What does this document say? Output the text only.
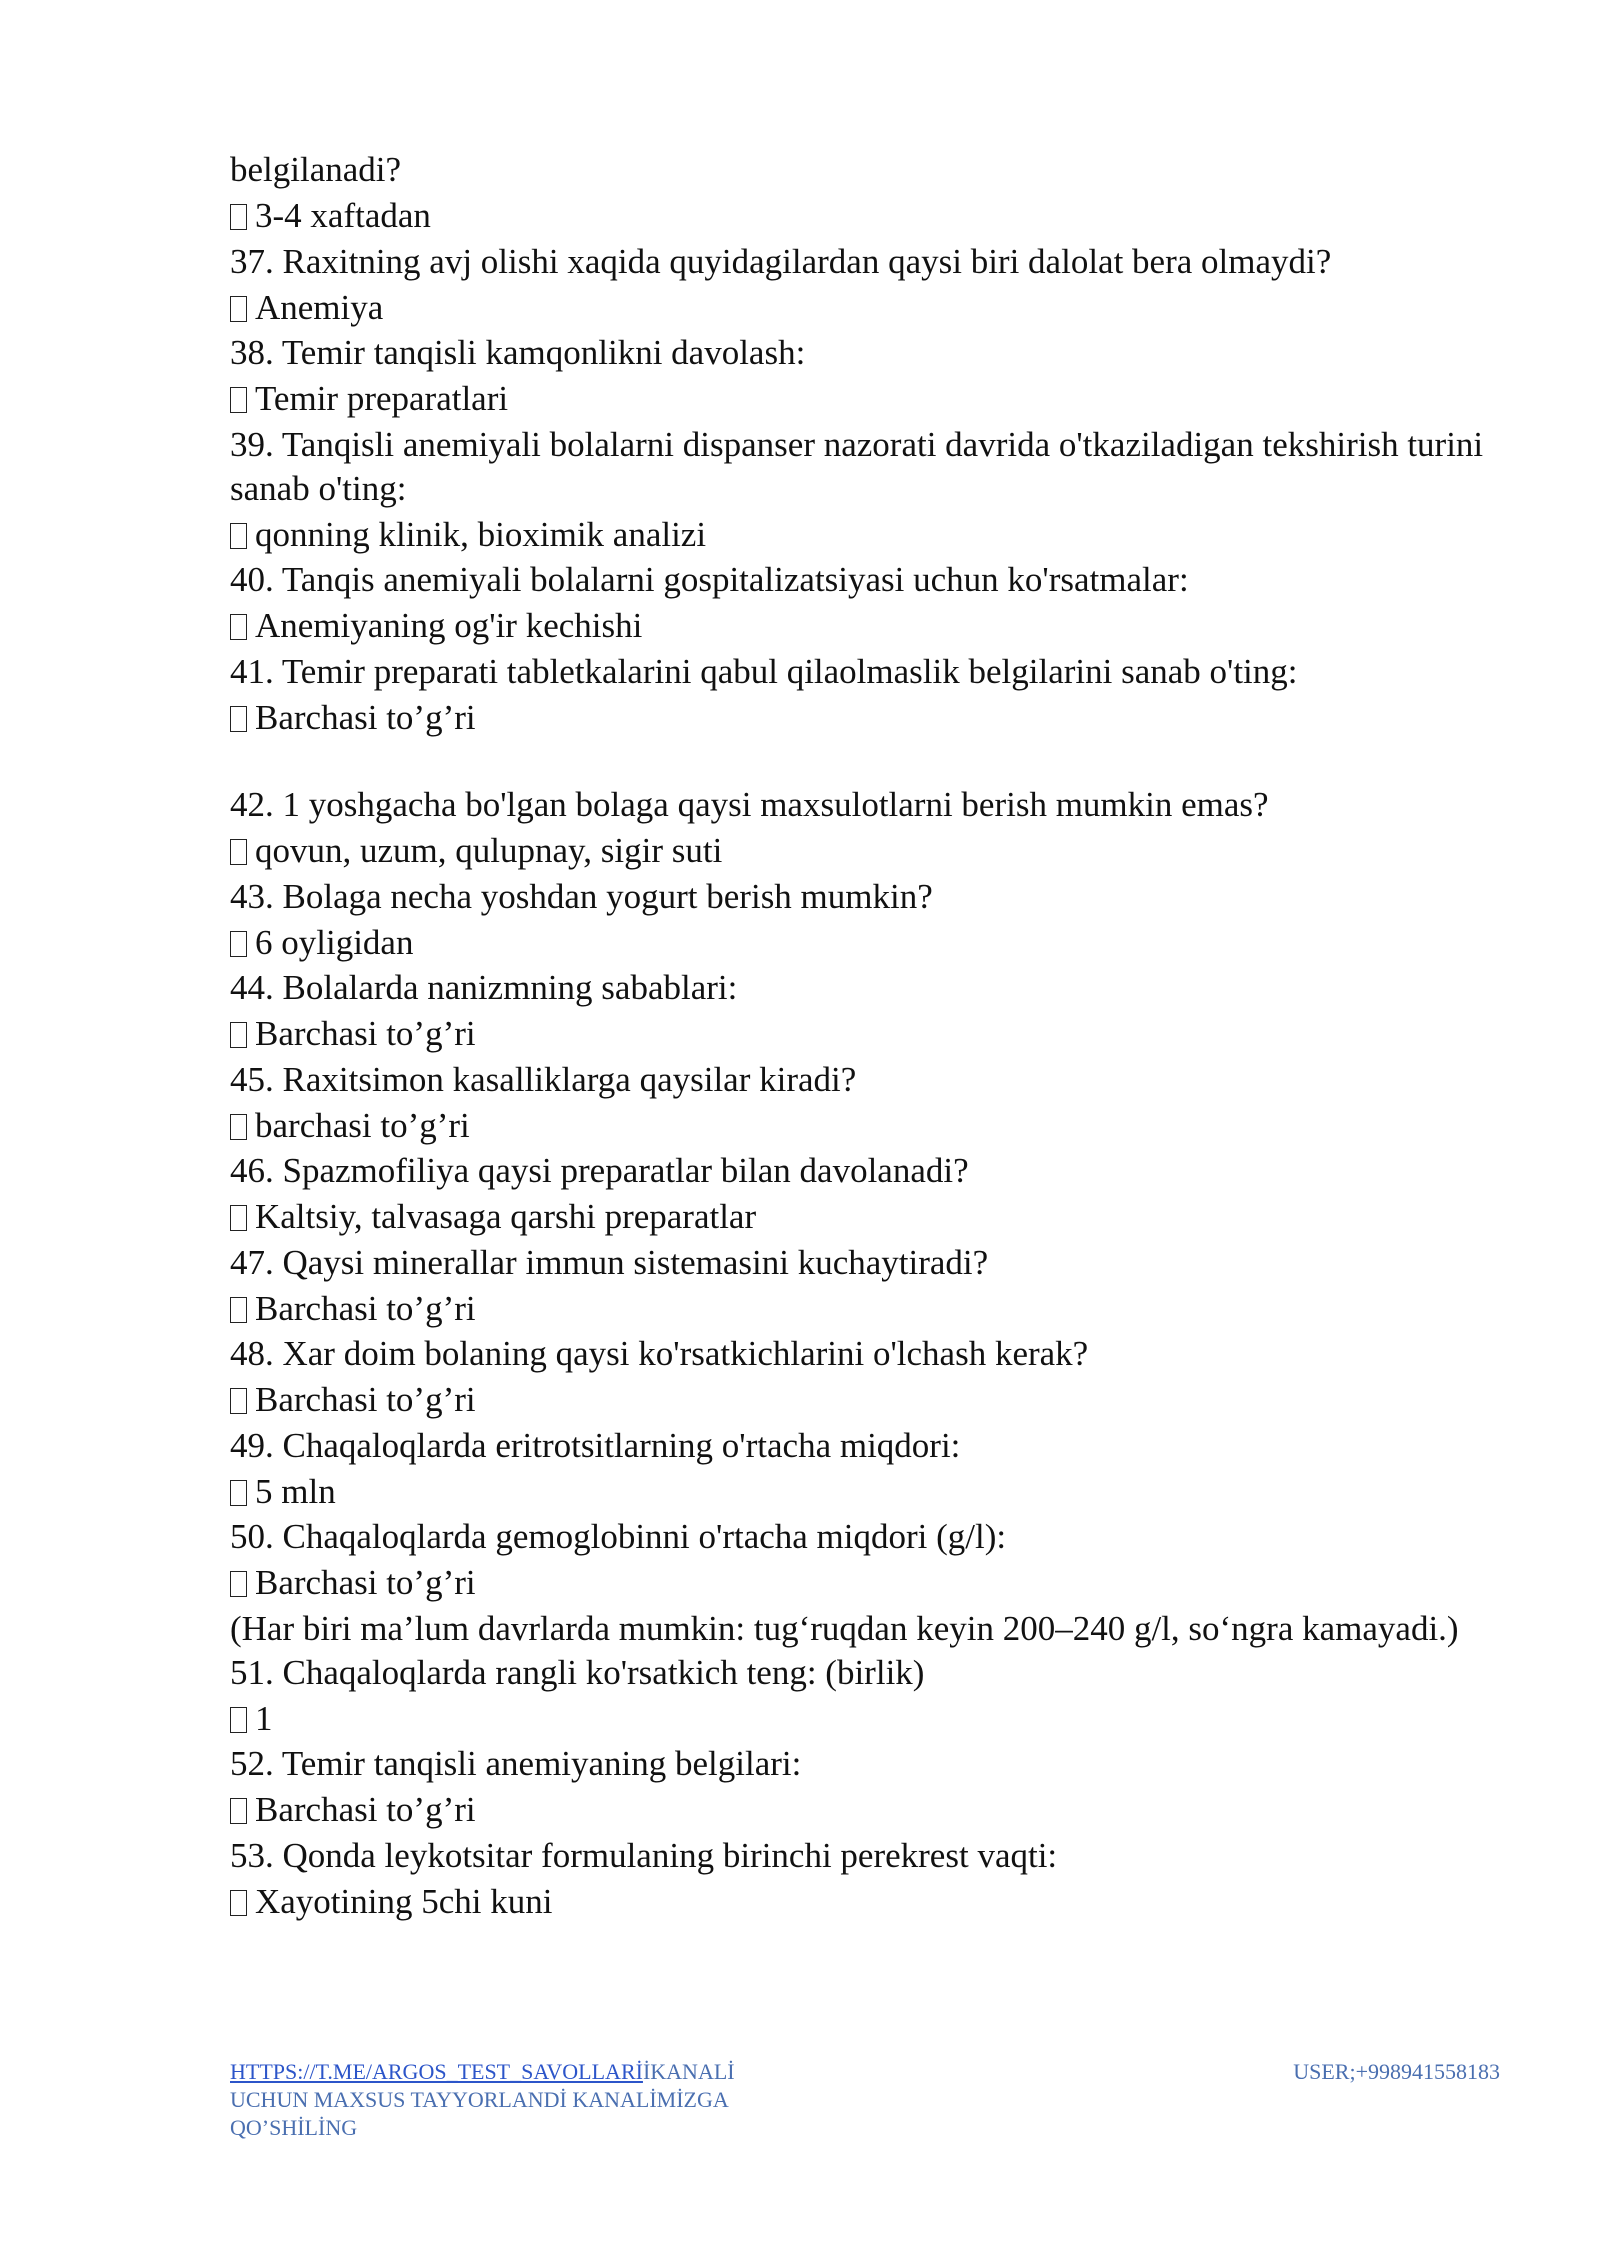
belgilanadi?
3-4 xaftadan
37. Raxitning avj olishi xaqida quyidagilardan qaysi biri dalolat bera olmaydi?
Anemiya
38. Temir tanqisli kamqonlikni davolash:
Temir preparatlari
39. Tanqisli anemiyali bolalarni dispanser nazorati davrida o'tkaziladigan tekshirish turini sanab o'ting:
qonning klinik, bioximik analizi
40. Tanqis anemiyali bolalarni gospitalizatsiyasi uchun ko'rsatmalar:
Anemiyaning og'ir kechishi
41. Temir preparati tabletkalarini qabul qilaolmaslik belgilarini sanab o'ting:
Barchasi to’g’ri
42. 1 yoshgacha bo'lgan bolaga qaysi maxsulotlarni berish mumkin emas?
qovun, uzum, qulupnay, sigir suti
43. Bolaga necha yoshdan yogurt berish mumkin?
6 oyligidan
44. Bolalarda nanizmning sabablari:
Barchasi to’g’ri
45. Raxitsimon kasalliklarga qaysilar kiradi?
barchasi to’g’ri
46. Spazmofiliya qaysi preparatlar bilan davolanadi?
Kaltsiy, talvasaga qarshi preparatlar
47. Qaysi minerallar immun sistemasini kuchaytiradi?
Barchasi to’g’ri
48. Xar doim bolaning qaysi ko'rsatkichlarini o'lchash kerak?
Barchasi to’g’ri
49. Chaqaloqlarda eritrotsitlarning o'rtacha miqdori:
5 mln
50. Chaqaloqlarda gemoglobinni o'rtacha miqdori (g/l):
Barchasi to’g’ri
(Har biri ma’lum davrlarda mumkin: tug‘ruqdan keyin 200–240 g/l, so‘ngra kamayadi.)
51. Chaqaloqlarda rangli ko'rsatkich teng: (birlik)
1
52. Temir tanqisli anemiyaning belgilari:
Barchasi to’g’ri
53. Qonda leykotsitar formulaning birinchi perekrest vaqti:
Xayotining 5chi kuni
HTTPS://T.ME/ARGOS_TEST_SAVOLLARİİKANALİ UCHUN MAXSUS TAYYORLANDİ KANALİMİZGA QO’SHİLİNG
USER;+998941558183
